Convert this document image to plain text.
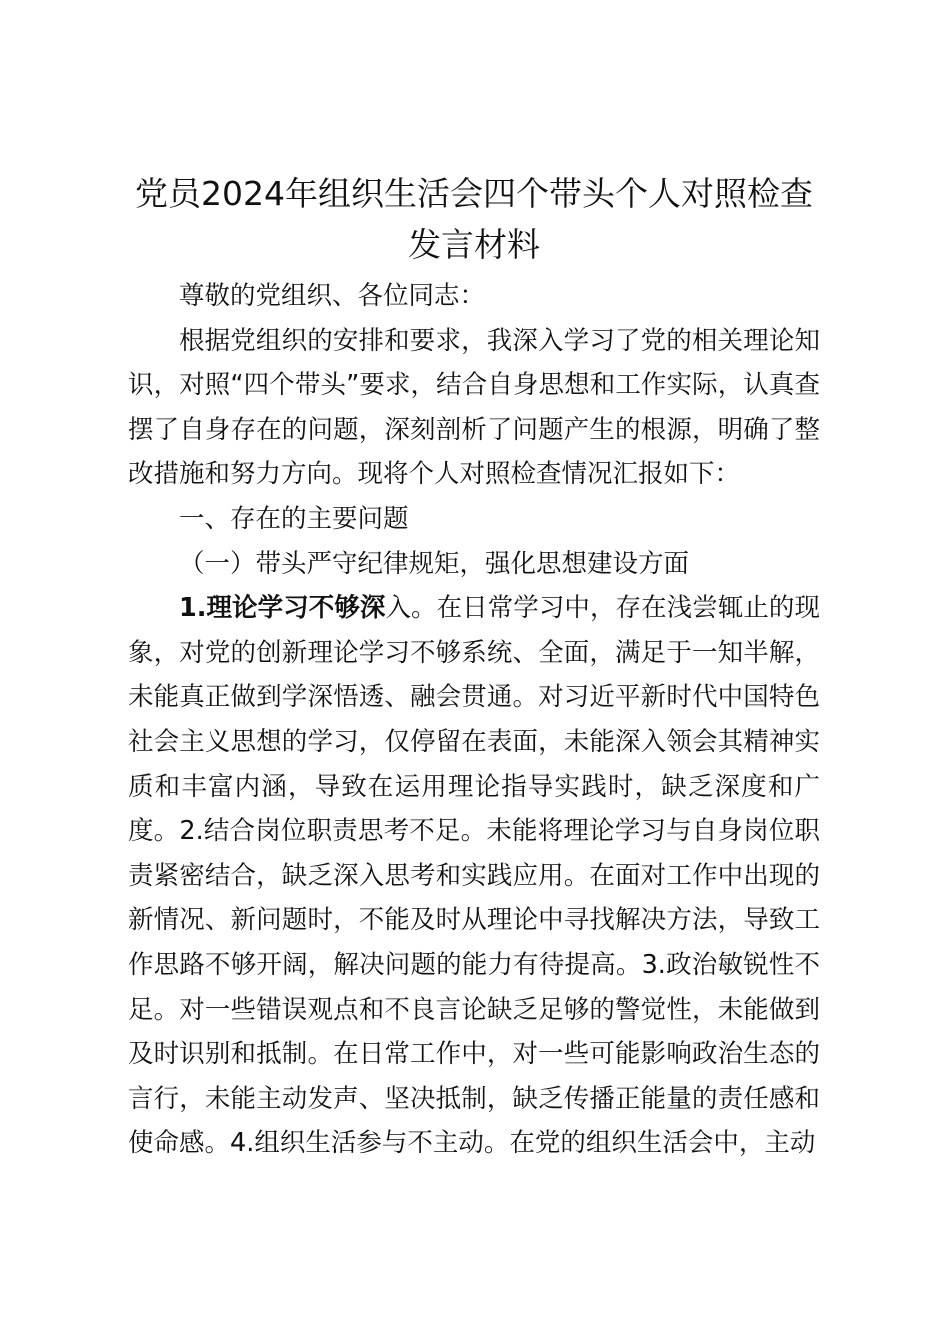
党员2024年组织生活会四个带头个人对照检查发言材料

尊敬的党组织、各位同志：

根据党组织的安排和要求，我深入学习了党的相关理论知识，对照“四个带头”要求，结合自身思想和工作实际，认真查摆了自身存在的问题，深刻剖析了问题产生的根源，明确了整改措施和努力方向。现将个人对照检查情况汇报如下：

一、存在的主要问题

（一）带头严守纪律规矩，强化思想建设方面

1.理论学习不够深入。在日常学习中，存在浅尝辄止的现象，对党的创新理论学习不够系统、全面，满足于一知半解，未能真正做到学深悟透、融会贯通。对习近平新时代中国特色社会主义思想的学习，仅停留在表面，未能深入领会其精神实质和丰富内涵，导致在运用理论指导实践时，缺乏深度和广度。2.结合岗位职责思考不足。未能将理论学习与自身岗位职责紧密结合，缺乏深入思考和实践应用。在面对工作中出现的新情况、新问题时，不能及时从理论中寻找解决方法，导致工作思路不够开阔，解决问题的能力有待提高。3.政治敏锐性不足。对一些错误观点和不良言论缺乏足够的警觉性，未能做到及时识别和抵制。在日常工作中，对一些可能影响政治生态的言行，未能主动发声、坚决抵制，缺乏传播正能量的责任感和使命感。4.组织生活参与不主动。在党的组织生活会中，主动
